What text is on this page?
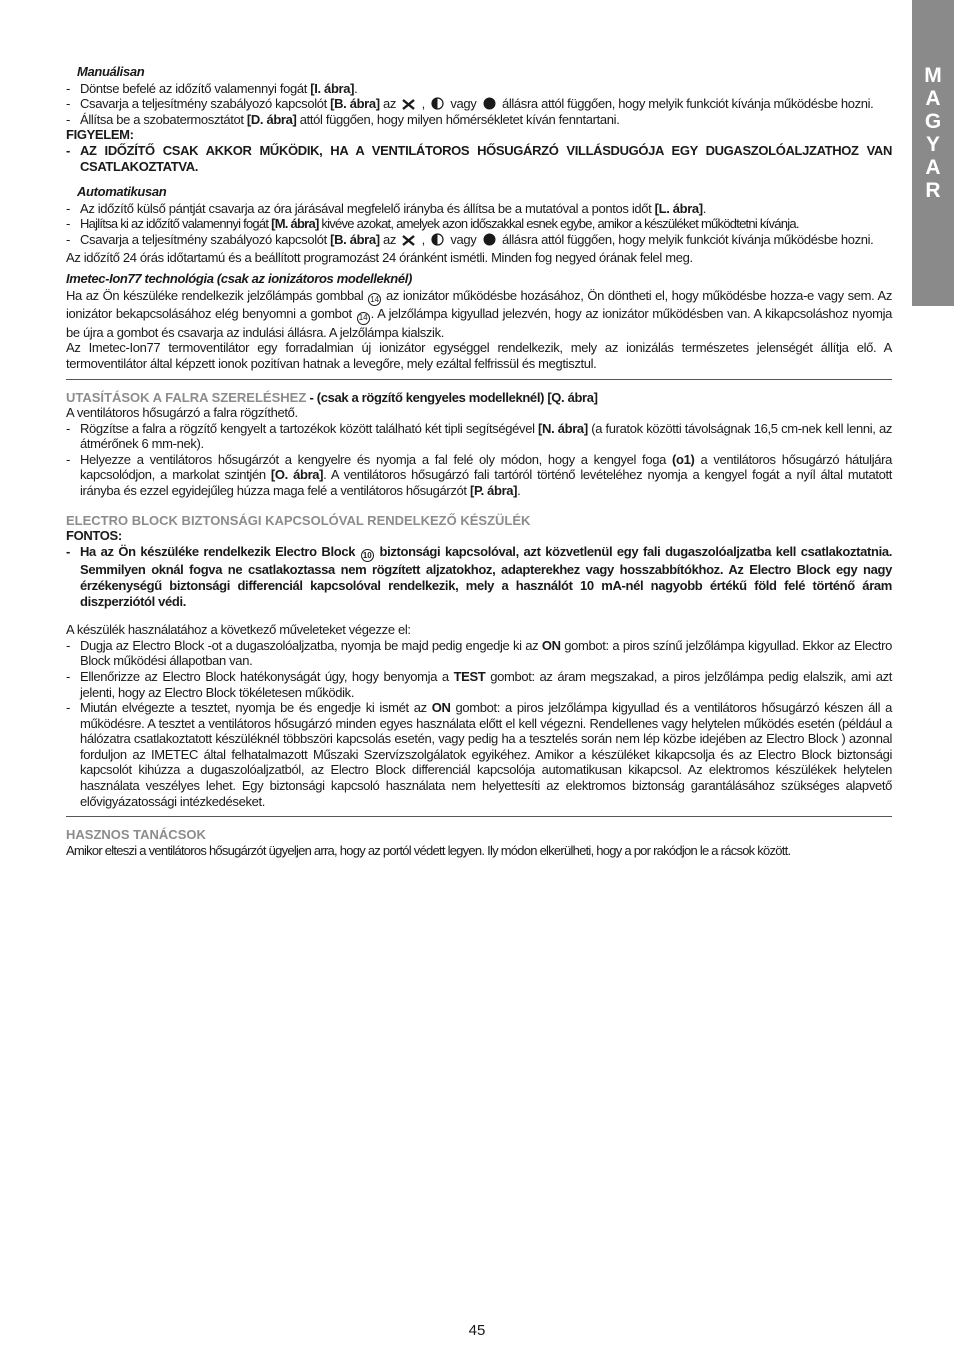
M
A
G
Y
A
R
Manuálisan
- Döntse befelé az időzítő valamennyi fogát [I. ábra].
- Csavarja a teljesítmény szabályozó kapcsolót [B. ábra] az  ,  vagy  állásra attól függően, hogy melyik funkciót kívánja működésbe hozni.
- Állítsa be a szobatermosztátot [D. ábra] attól függően, hogy milyen hőmérsékletet kíván fenntartani.
FIGYELEM:
- AZ IDŐZÍTŐ CSAK AKKOR MŰKÖDIK, HA A VENTILÁTOROS HŐSUGÁRZÓ VILLÁSDUGÓJA EGY DUGASZOLÓALJZATHOZ VAN CSATLAKOZTATVA.
Automatikusan
- Az időzítő külső pántját csavarja az óra járásával megfelelő irányba és állítsa be a mutatóval a pontos időt [L. ábra].
- Hajlítsa ki az időzítő valamennyi fogát [M. ábra] kivéve azokat, amelyek azon időszakkal esnek egybe, amikor a készüléket működtetni kívánja.
- Csavarja a teljesítmény szabályozó kapcsolót [B. ábra] az  ,  vagy  állásra attól függően, hogy melyik funkciót kívánja működésbe hozni.
Az időzítő 24 órás időtartamú és a beállított programozást 24 óránként ismétli. Minden fog negyed órának felel meg.
Imetec-Ion77 technológia (csak az ionizátoros modelleknél)
Ha az Ön készüléke rendelkezik jelzőlámpás gombbal 14 az ionizátor működésbe hozásához, Ön döntheti el, hogy működésbe hozza-e vagy sem. Az ionizátor bekapcsolásához elég benyomni a gombot 14 . A jelzőlámpa kigyullad jelezvén, hogy az ionizátor működésben van. A kikapcsoláshoz nyomja be újra a gombot és csavarja az indulási állásra. A jelzőlámpa kialszik.
Az Imetec-Ion77 termoventilátor egy forradalmian új ionizátor egységgel rendelkezik, mely az ionizálás természetes jelenségét állítja elő. A termoventilátor által képzett ionok pozitívan hatnak a levegőre, mely ezáltal felfrissül és megtisztul.
UTASÍTÁSOK A FALRA SZERELÉSHEZ - (csak a rögzítő kengyeles modelleknél) [Q. ábra]
A ventilátoros hősugárzó a falra rögzíthető.
- Rögzítse a falra a rögzítő kengyelt a tartozékok között található két tipli segítségével [N. ábra] (a furatok közötti távolságnak 16,5 cm-nek kell lenni, az átmérőnek 6 mm-nek).
- Helyezze a ventilátoros hősugárzót a kengyelre és nyomja a fal felé oly módon, hogy a kengyel foga (o1) a ventilátoros hősugárzó hátuljára kapcsolódjon, a markolat szintjén [O. ábra]. A ventilátoros hősugárzó fali tartóról történő levételéhez nyomja a kengyel fogát a nyíl által mutatott irányba és ezzel egyidejűleg húzza maga felé a ventilátoros hősugárzót [P. ábra].
ELECTRO BLOCK BIZTONSÁGI KAPCSOLÓVAL RENDELKEZŐ KÉSZÜLÉK
FONTOS:
- Ha az Ön készüléke rendelkezik Electro Block 10 biztonsági kapcsolóval, azt közvetlenül egy fali dugaszolóaljzatba kell csatlakoztatnia. Semmilyen oknál fogva ne csatlakoztassa nem rögzített aljzatokhoz, adapterekhez vagy hosszabbítókhoz. Az Electro Block egy nagy érzékenységű biztonsági differenciál kapcsolóval rendelkezik, mely a használót 10 mA-nél nagyobb értékű föld felé történő áram diszperziótól védi.
A készülék használatához a következő műveleteket végezze el:
- Dugja az Electro Block -ot a dugaszolóaljzatba, nyomja be majd pedig engedje ki az ON gombot: a piros színű jelzőlámpa kigyullad. Ekkor az Electro Block működési állapotban van.
- Ellenőrizze az Electro Block hatékonyságát úgy, hogy benyomja a TEST gombot: az áram megszakad, a piros jelzőlámpa pedig elalszik, ami azt jelenti, hogy az Electro Block tökéletesen működik.
- Miután elvégezte a tesztet, nyomja be és engedje ki ismét az ON gombot: a piros jelzőlámpa kigyullad és a ventilátoros hősugárzó készen áll a működésre. A tesztet a ventilátoros hősugárzó minden egyes használata előtt el kell végezni. Rendellenes vagy helytelen működés esetén (például a hálózatra csatlakoztatott készüléknél többszöri kapcsolás esetén, vagy pedig ha a tesztelés során nem lép közbe idejében az Electro Block ) azonnal forduljon az IMETEC által felhatalmazott Műszaki Szervízszolgálatok egyikéhez. Amikor a készüléket kikapcsolja és az Electro Block biztonsági kapcsolót kihúzza a dugaszolóaljzatból, az Electro Block differenciál kapcsolója automatikusan kikapcsol. Az elektromos készülékek helytelen használata veszélyes lehet. Egy biztonsági kapcsoló használata nem helyettesíti az elektromos biztonság garantálásához szükséges alapvető elővigyázatossági intézkedéseket.
HASZNOS TANÁCSOK
Amikor elteszi a ventilátoros hősugárzót ügyeljen arra, hogy az portól védett legyen. Ily módon elkerülheti, hogy a por rakódjon le a rácsok között.
45
